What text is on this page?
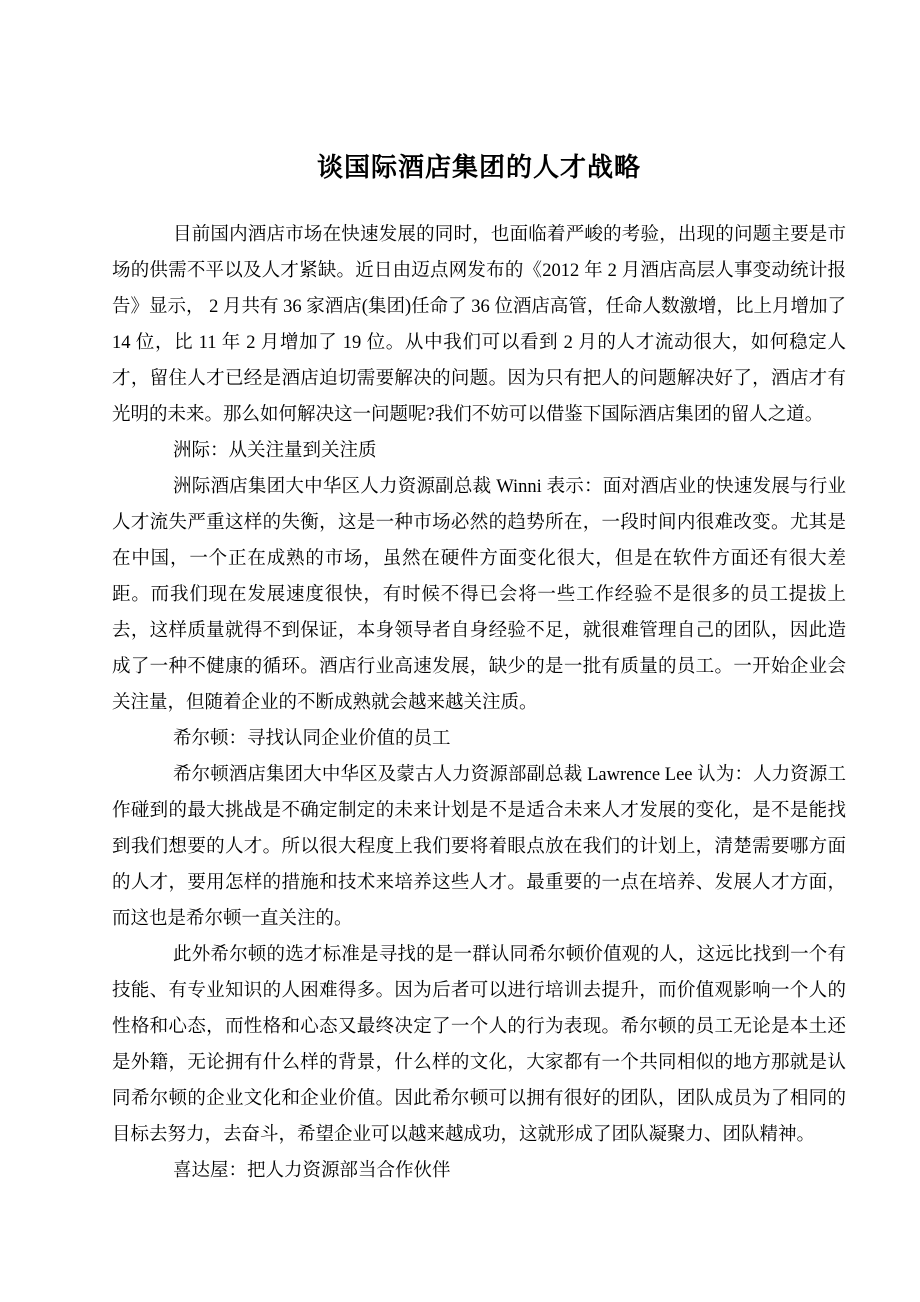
谈国际酒店集团的人才战略

目前国内酒店市场在快速发展的同时，也面临着严峻的考验，出现的问题主要是市场的供需不平以及人才紧缺。近日由迈点网发布的《2012 年 2 月酒店高层人事变动统计报告》显示， 2 月共有 36 家酒店(集团)任命了 36 位酒店高管，任命人数激增，比上月增加了 14 位，比 11 年 2 月增加了 19 位。从中我们可以看到 2 月的人才流动很大，如何稳定人才，留住人才已经是酒店迫切需要解决的问题。因为只有把人的问题解决好了，酒店才有光明的未来。那么如何解决这一问题呢?我们不妨可以借鉴下国际酒店集团的留人之道。

洲际：从关注量到关注质

洲际酒店集团大中华区人力资源副总裁 Winni 表示：面对酒店业的快速发展与行业人才流失严重这样的失衡，这是一种市场必然的趋势所在，一段时间内很难改变。尤其是在中国，一个正在成熟的市场，虽然在硬件方面变化很大，但是在软件方面还有很大差距。而我们现在发展速度很快，有时候不得已会将一些工作经验不是很多的员工提拔上去，这样质量就得不到保证，本身领导者自身经验不足，就很难管理自己的团队，因此造成了一种不健康的循环。酒店行业高速发展，缺少的是一批有质量的员工。一开始企业会关注量，但随着企业的不断成熟就会越来越关注质。

希尔顿：寻找认同企业价值的员工

希尔顿酒店集团大中华区及蒙古人力资源部副总裁 Lawrence Lee 认为：人力资源工作碰到的最大挑战是不确定制定的未来计划是不是适合未来人才发展的变化，是不是能找到我们想要的人才。所以很大程度上我们要将着眼点放在我们的计划上，清楚需要哪方面的人才，要用怎样的措施和技术来培养这些人才。最重要的一点在培养、发展人才方面，而这也是希尔顿一直关注的。

此外希尔顿的选才标准是寻找的是一群认同希尔顿价值观的人，这远比找到一个有技能、有专业知识的人困难得多。因为后者可以进行培训去提升，而价值观影响一个人的性格和心态，而性格和心态又最终决定了一个人的行为表现。希尔顿的员工无论是本土还是外籍，无论拥有什么样的背景，什么样的文化，大家都有一个共同相似的地方那就是认同希尔顿的企业文化和企业价值。因此希尔顿可以拥有很好的团队，团队成员为了相同的目标去努力，去奋斗，希望企业可以越来越成功，这就形成了团队凝聚力、团队精神。

喜达屋：把人力资源部当合作伙伴
